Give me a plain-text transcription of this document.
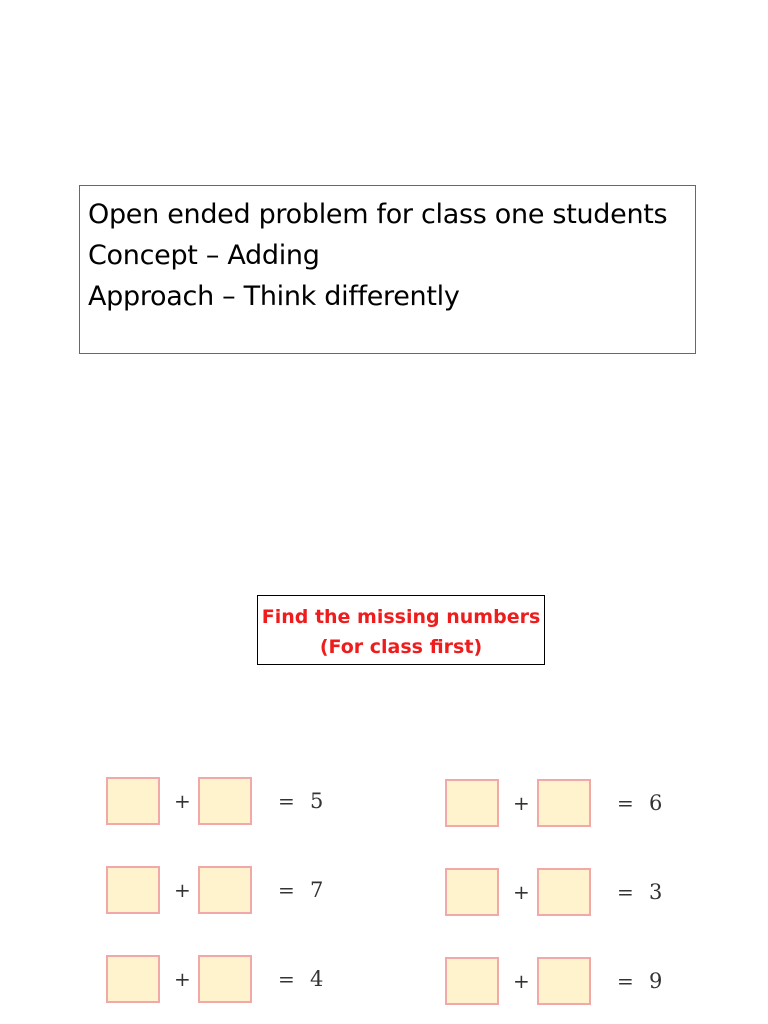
Open ended problem for class one students
Concept – Adding
Approach – Think differently
Find the missing numbers
(For class first)
+	= 5	+	= 6
+	= 7	+	= 3
+	= 4	+	= 9
